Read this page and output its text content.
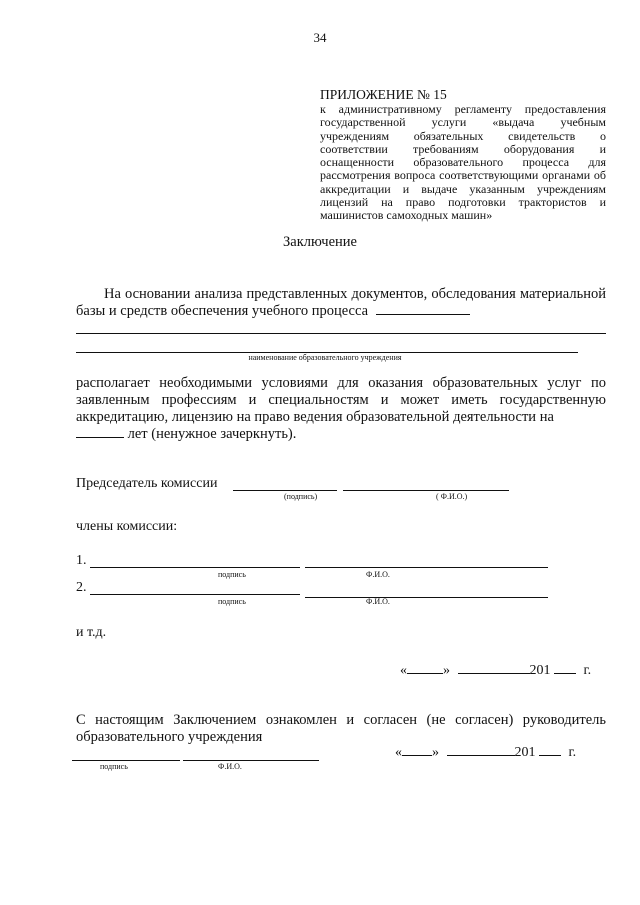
34
ПРИЛОЖЕНИЕ № 15
к административному регламенту предоставления государственной услуги «выдача учебным учреждениям обязательных свидетельств о соответствии требованиям оборудования и оснащенности образовательного процесса для рассмотрения вопроса соответствующими органами об аккредитации и выдаче указанным учреждениям лицензий на право подготовки трактористов и машинистов самоходных машин»
Заключение
На основании анализа представленных документов, обследования материальной базы и средств обеспечения учебного процесса
наименование образовательного учреждения
располагает необходимыми условиями для оказания образовательных услуг по заявленным профессиям и специальностям и может иметь государственную аккредитацию, лицензию на право ведения образовательной деятельности на
лет (ненужное зачеркнуть).
Председатель комиссии
(подпись)	( Ф.И.О.)
члены комиссии:
1.
подпись	Ф.И.О.
2.
подпись	Ф.И.О.
и т.д.
«	»	201 г.
С настоящим Заключением ознакомлен и согласен (не согласен) руководитель образовательного учреждения
подпись	Ф.И.О.
« »	201 г.
